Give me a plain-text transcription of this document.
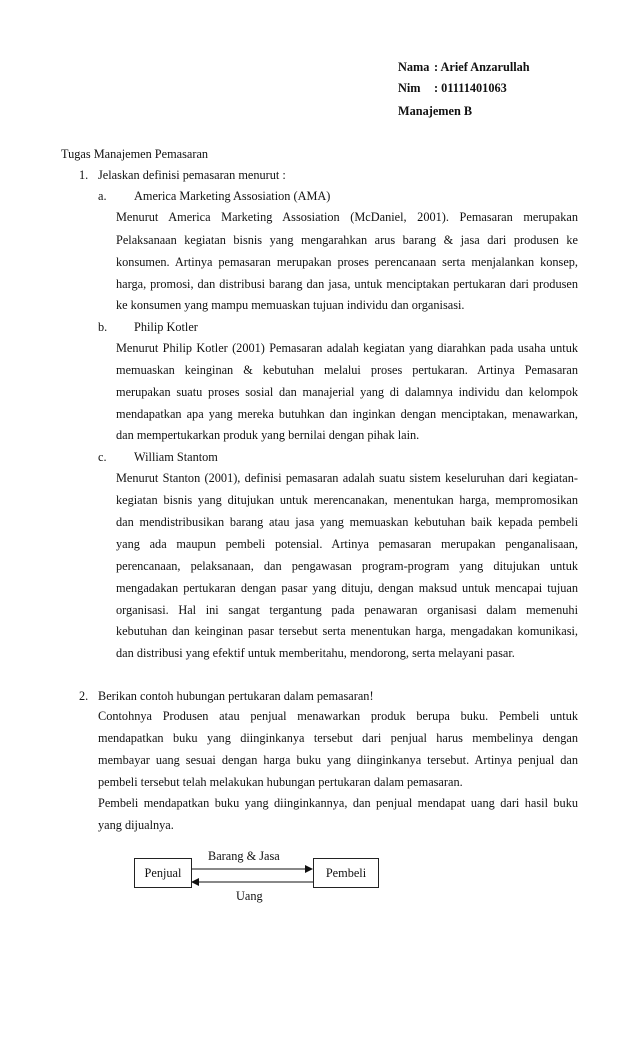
Nama : Arief Anzarullah
Nim : 01111401063
Manajemen B
Tugas Manajemen Pemasaran
1. Jelaskan definisi pemasaran menurut :
a. America Marketing Assosiation (AMA)
Menurut America Marketing Assosiation (McDaniel, 2001). Pemasaran merupakan
Pelaksanaan kegiatan bisnis yang mengarahkan arus barang & jasa dari produsen ke
konsumen. Artinya pemasaran merupakan proses perencanaan serta menjalankan konsep,
harga, promosi, dan distribusi barang dan jasa, untuk menciptakan pertukaran dari produsen
ke konsumen yang mampu memuaskan tujuan individu dan organisasi.
b. Philip Kotler
Menurut Philip Kotler (2001) Pemasaran adalah kegiatan yang diarahkan pada usaha untuk
memuaskan keinginan & kebutuhan melalui proses pertukaran. Artinya Pemasaran
merupakan suatu proses sosial dan manajerial yang di dalamnya individu dan kelompok
mendapatkan apa yang mereka butuhkan dan inginkan dengan menciptakan, menawarkan,
dan mempertukarkan produk yang bernilai dengan pihak lain.
c. William Stantom
Menurut Stanton (2001), definisi pemasaran adalah suatu sistem keseluruhan dari kegiatan-
kegiatan bisnis yang ditujukan untuk merencanakan, menentukan harga, mempromosikan
dan mendistribusikan barang atau jasa yang memuaskan kebutuhan baik kepada pembeli
yang ada maupun pembeli potensial. Artinya pemasaran merupakan penganalisaan,
perencanaan, pelaksanaan, dan pengawasan program-program yang ditujukan untuk
mengadakan pertukaran dengan pasar yang dituju, dengan maksud untuk mencapai tujuan
organisasi. Hal ini sangat tergantung pada penawaran organisasi dalam memenuhi
kebutuhan dan keinginan pasar tersebut serta menentukan harga, mengadakan komunikasi,
dan distribusi yang efektif untuk memberitahu, mendorong, serta melayani pasar.
2. Berikan contoh hubungan pertukaran dalam pemasaran!
Contohnya Produsen atau penjual menawarkan produk berupa buku. Pembeli untuk
mendapatkan buku yang diinginkanya tersebut dari penjual harus membelinya dengan
membayar uang sesuai dengan harga buku yang diinginkanya tersebut. Artinya penjual dan
pembeli tersebut telah melakukan hubungan pertukaran dalam pemasaran.
Pembeli mendapatkan buku yang diinginkannya, dan penjual mendapat uang dari hasil buku
yang dijualnya.
Penjual	Pembeli
Barang & Jasa
Uang
